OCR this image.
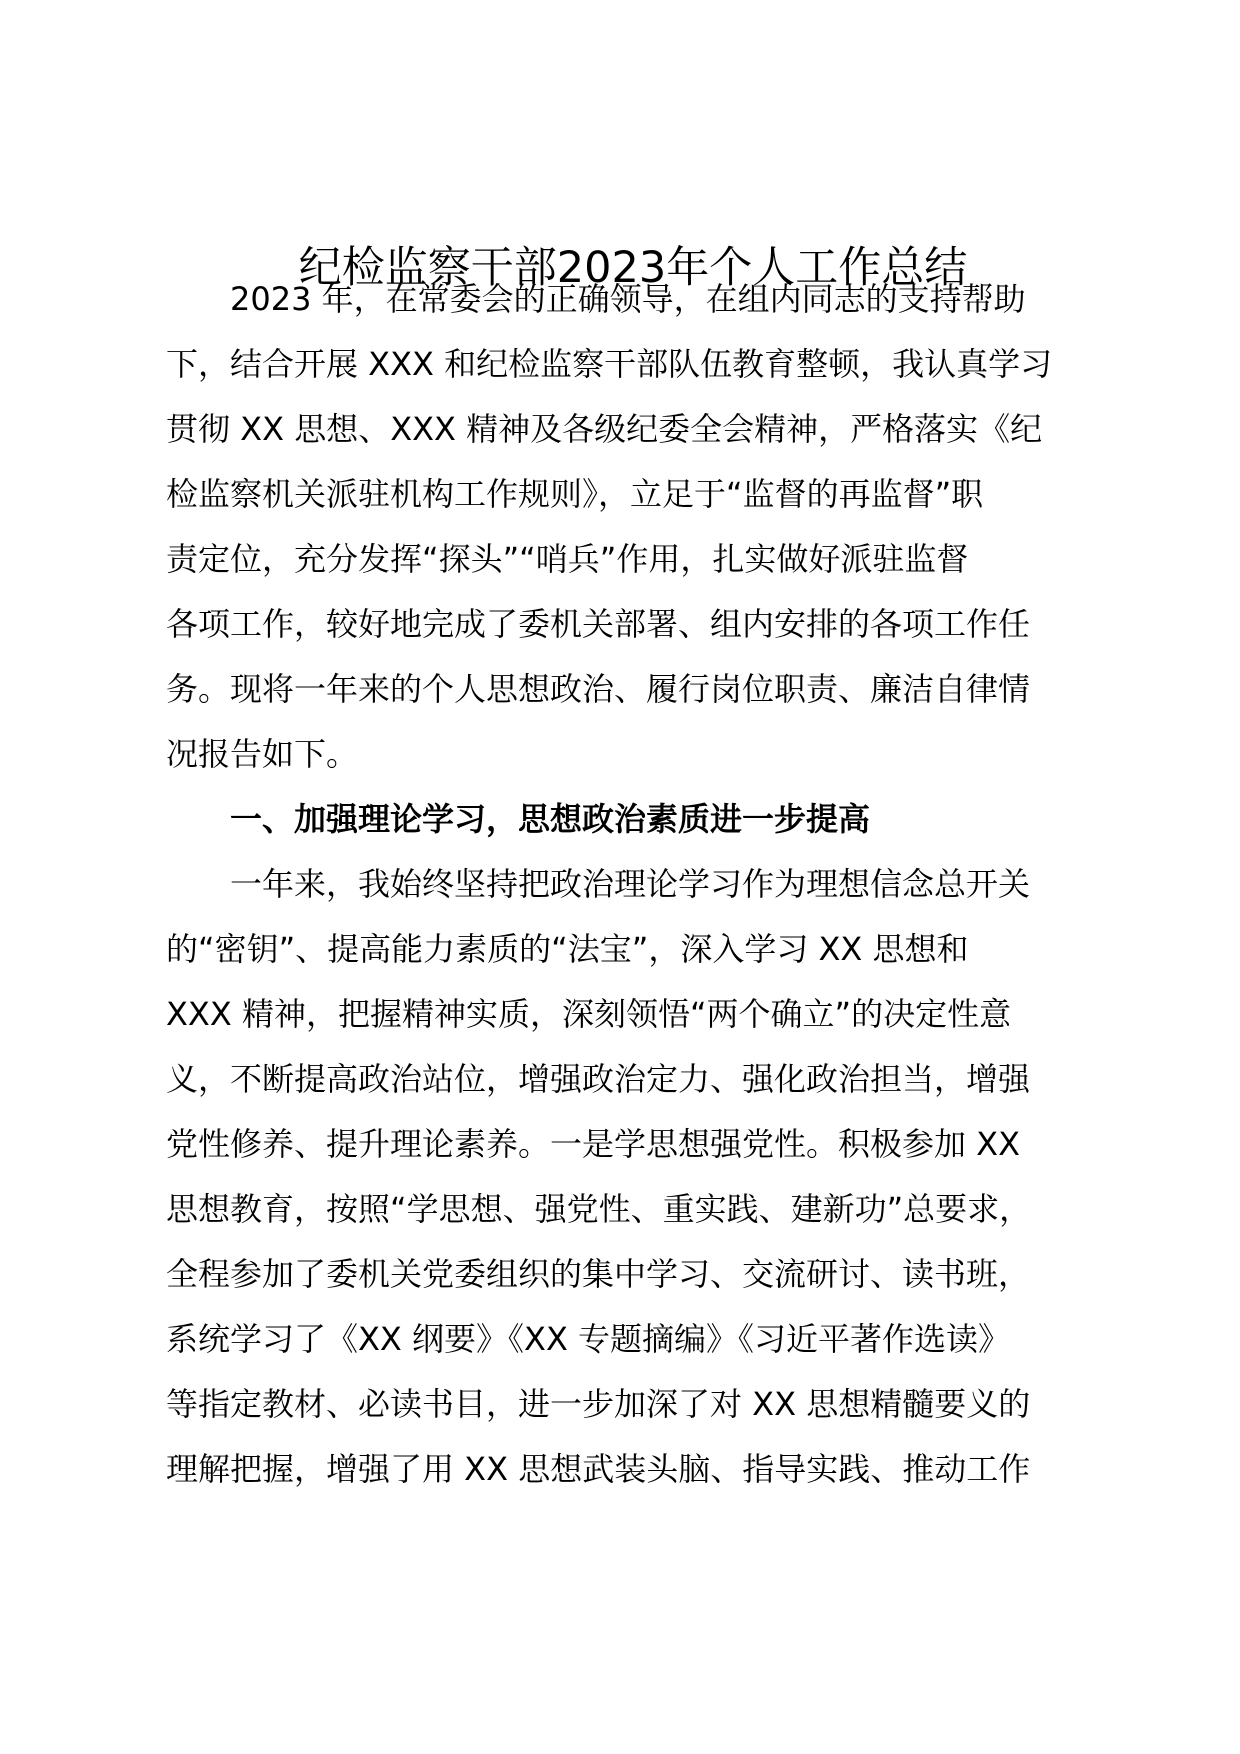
纪检监察干部2023年个人工作总结
2023 年，在常委会的正确领导，在组内同志的支持帮助
下，结合开展 XXX 和纪检监察干部队伍教育整顿，我认真学习
贯彻 XX 思想、XXX 精神及各级纪委全会精神，严格落实《纪
检监察机关派驻机构工作规则》，立足于“监督的再监督”职
责定位，充分发挥“探头”“哨兵”作用，扎实做好派驻监督
各项工作，较好地完成了委机关部署、组内安排的各项工作任
务。现将一年来的个人思想政治、履行岗位职责、廉洁自律情
况报告如下。
一、加强理论学习，思想政治素质进一步提高
一年来，我始终坚持把政治理论学习作为理想信念总开关
的“密钥”、提高能力素质的“法宝”，深入学习 XX 思想和
XXX 精神，把握精神实质，深刻领悟“两个确立”的决定性意
义，不断提高政治站位，增强政治定力、强化政治担当，增强
党性修养、提升理论素养。一是学思想强党性。积极参加 XX
思想教育，按照“学思想、强党性、重实践、建新功”总要求，
全程参加了委机关党委组织的集中学习、交流研讨、读书班，
系统学习了《XX 纲要》《XX 专题摘编》《习近平著作选读》
等指定教材、必读书目，进一步加深了对 XX 思想精髓要义的
理解把握，增强了用 XX 思想武装头脑、指导实践、推动工作
